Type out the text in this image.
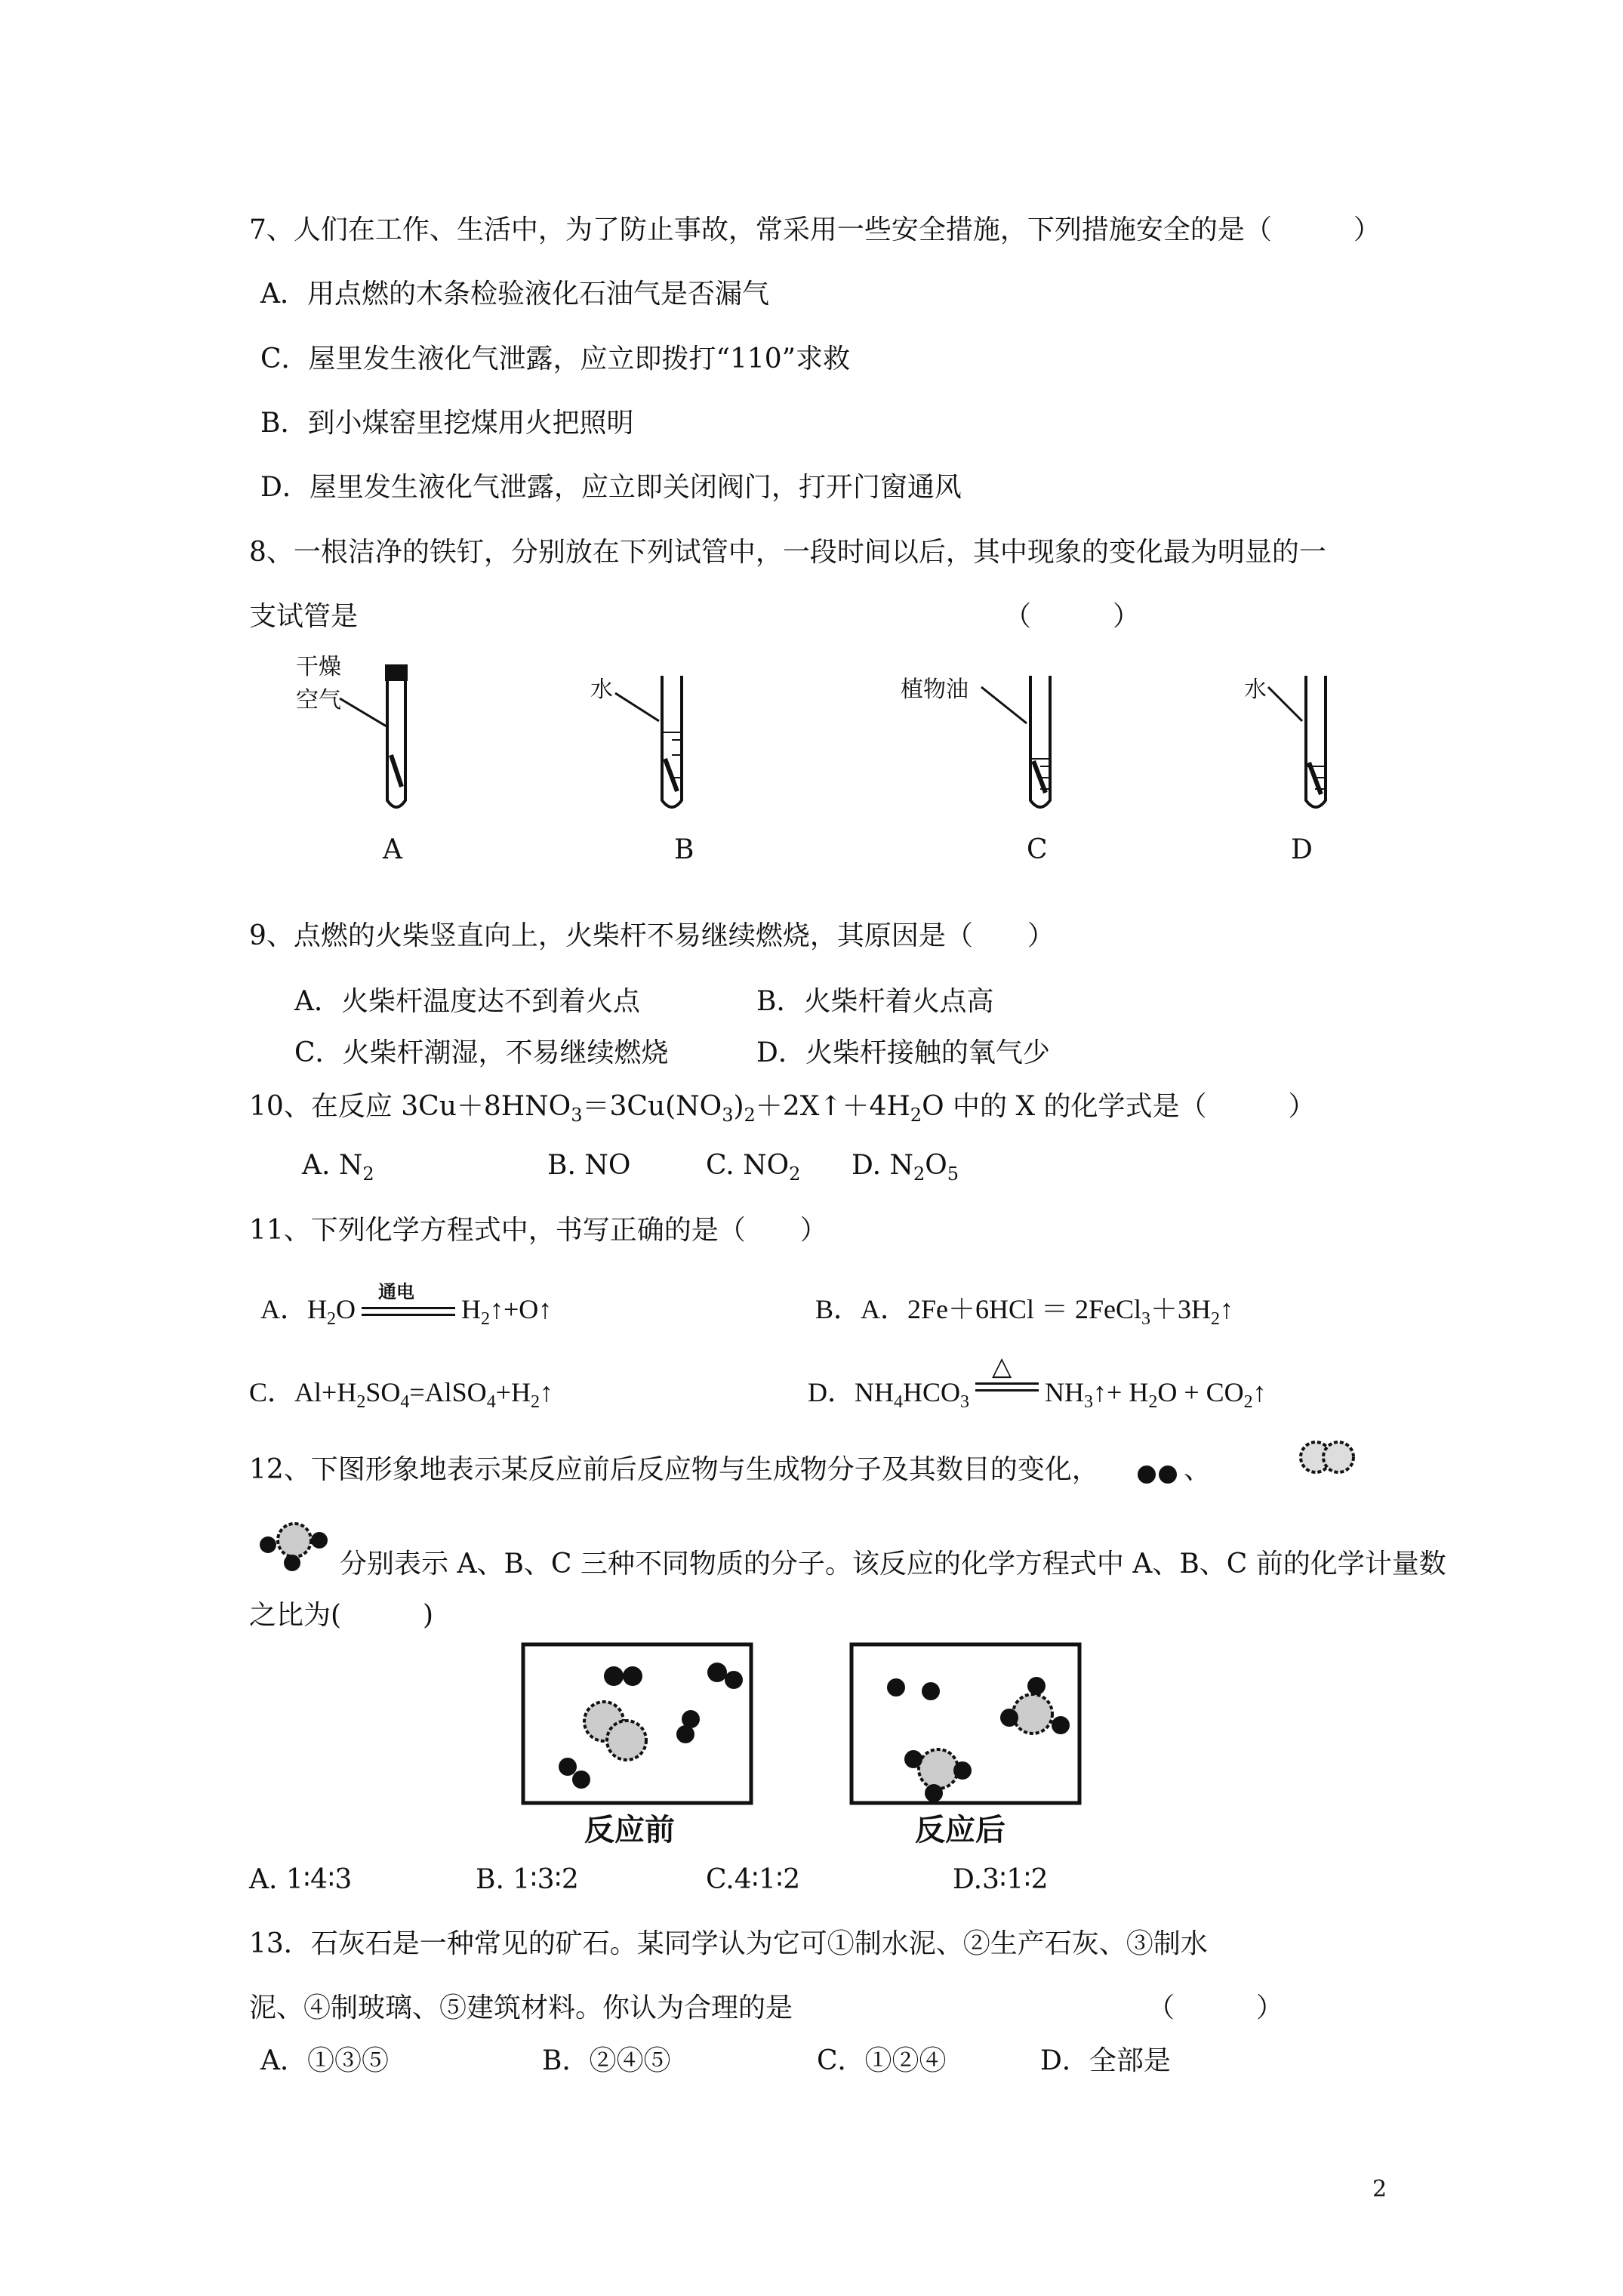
7、人们在工作、生活中，为了防止事故，常采用一些安全措施，下列措施安全的是（　　　）
A．用点燃的木条检验液化石油气是否漏气
C．屋里发生液化气泄露，应立即拨打“110”求救
B．到小煤窑里挖煤用火把照明
D．屋里发生液化气泄露，应立即关闭阀门，打开门窗通风
8、一根洁净的铁钉，分别放在下列试管中，一段时间以后，其中现象的变化最为明显的一
支试管是	（　　　）
干燥
空气
A
水
B
植物油
C
水
D
9、点燃的火柴竖直向上，火柴杆不易继续燃烧，其原因是（　　）
A．火柴杆温度达不到着火点	B．火柴杆着火点高
C．火柴杆潮湿，不易继续燃烧	D．火柴杆接触的氧气少
10、在反应 $3Cu+8HNO_3=3Cu(NO_3)_2+2X↑+4H_2O$ 中的 X 的化学式是（　　　）
A. $N_2$	B. NO	C. $NO_2$ D. $N_2O_5$
11、下列化学方程式中，书写正确的是（　　）
A．$H_2O$
通电
$H_2↑+O↑$	B．A．$2Fe+6HCl = 2FeCl_3+3H_2↑$
C．$Al+H_2SO_4=AlSO_4+H_2↑$	D．$NH_4HCO_3$
△
$NH_3↑+ H_2O$ + $CO_2↑$
12、下图形象地表示某反应前后反应物与生成物分子及其数目的变化，	、
分别表示 A、B、C 三种不同物质的分子。该反应的化学方程式中 A、B、C 前的化学计量数
之比为(　　　)
反应前	反应后
A. 1∶4∶3	B. 1∶3∶2	C.4∶1∶2	D.3∶1∶2
13．石灰石是一种常见的矿石。某同学认为它可①制水泥、②生产石灰、③制水
泥、④制玻璃、⑤建筑材料。你认为合理的是	（　　　）
A．①③⑤	B．②④⑤	C．①②④	D．全部是
2
